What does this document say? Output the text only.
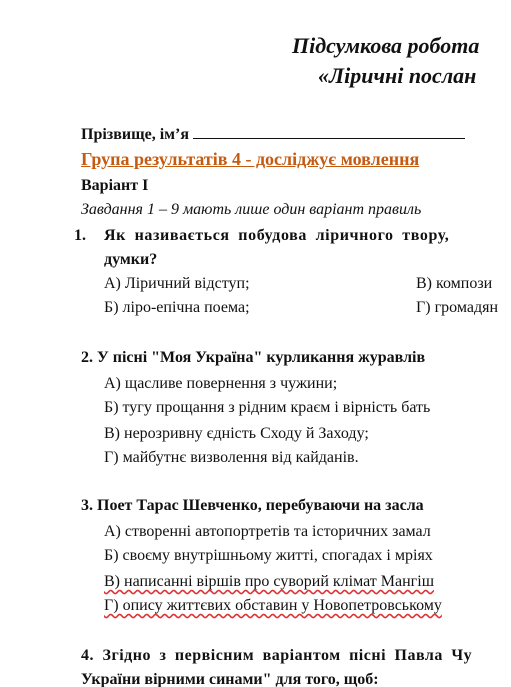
Підсумкова робота
«Ліричні послан
Прізвище, ім’я
Група результатів 4 - досліджує мовлення
Варіант І
Завдання 1 – 9 мають лише один варіант правиль
1. Як називається побудова ліричного твору,
думки?
А) Ліричний відступ;	В) компози
Б) ліро-епічна поема;	Г) громадян
2. У пісні "Моя Україна" курликання журавлів
А) щасливе повернення з чужини;
Б) тугу прощання з рідним краєм і вірність бать
В) нерозривну єдність Сходу й Заходу;
Г) майбутнє визволення від кайданів.
3. Поет Тарас Шевченко, перебуваючи на засла
А) створенні автопортретів та історичних замал
Б) своєму внутрішньому житті, спогадах і мріях
В) написанні віршів про суворий клімат Мангіш
Г) опису життєвих обставин у Новопетровському
4. Згідно з первісним варіантом пісні Павла Чу
України вірними синами" для того, щоб:
